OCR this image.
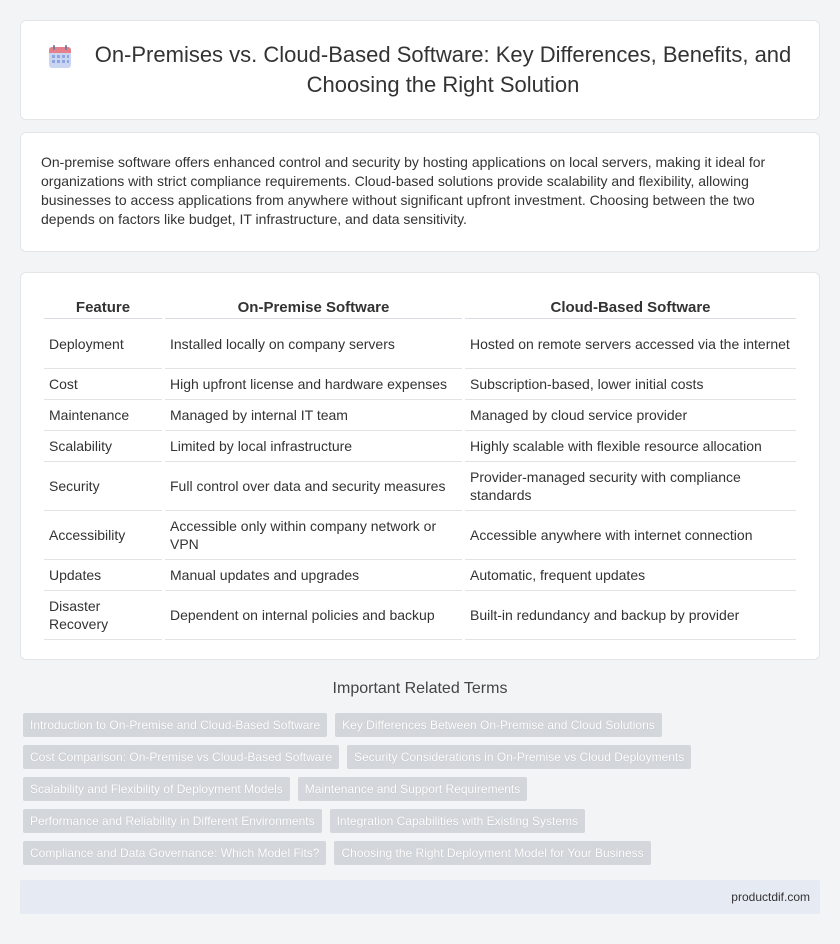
On-Premises vs. Cloud-Based Software: Key Differences, Benefits, and Choosing the Right Solution

On-premise software offers enhanced control and security by hosting applications on local servers, making it ideal for organizations with strict compliance requirements. Cloud-based solutions provide scalability and flexibility, allowing businesses to access applications from anywhere without significant upfront investment. Choosing between the two depends on factors like budget, IT infrastructure, and data sensitivity.

Feature	On-Premise Software	Cloud-Based Software
Deployment	Installed locally on company servers	Hosted on remote servers accessed via the internet
Cost	High upfront license and hardware expenses	Subscription-based, lower initial costs
Maintenance	Managed by internal IT team	Managed by cloud service provider
Scalability	Limited by local infrastructure	Highly scalable with flexible resource allocation
Security	Full control over data and security measures	Provider-managed security with compliance standards
Accessibility	Accessible only within company network or VPN	Accessible anywhere with internet connection
Updates	Manual updates and upgrades	Automatic, frequent updates
Disaster Recovery	Dependent on internal policies and backup	Built-in redundancy and backup by provider
Important Related Terms
Introduction to On-Premise and Cloud-Based Software	Key Differences Between On-Premise and Cloud Solutions
Cost Comparison: On-Premise vs Cloud-Based Software	Security Considerations in On-Premise vs Cloud Deployments
Scalability and Flexibility of Deployment Models	Maintenance and Support Requirements
Performance and Reliability in Different Environments	Integration Capabilities with Existing Systems
Compliance and Data Governance: Which Model Fits?	Choosing the Right Deployment Model for Your Business
productdif.com
